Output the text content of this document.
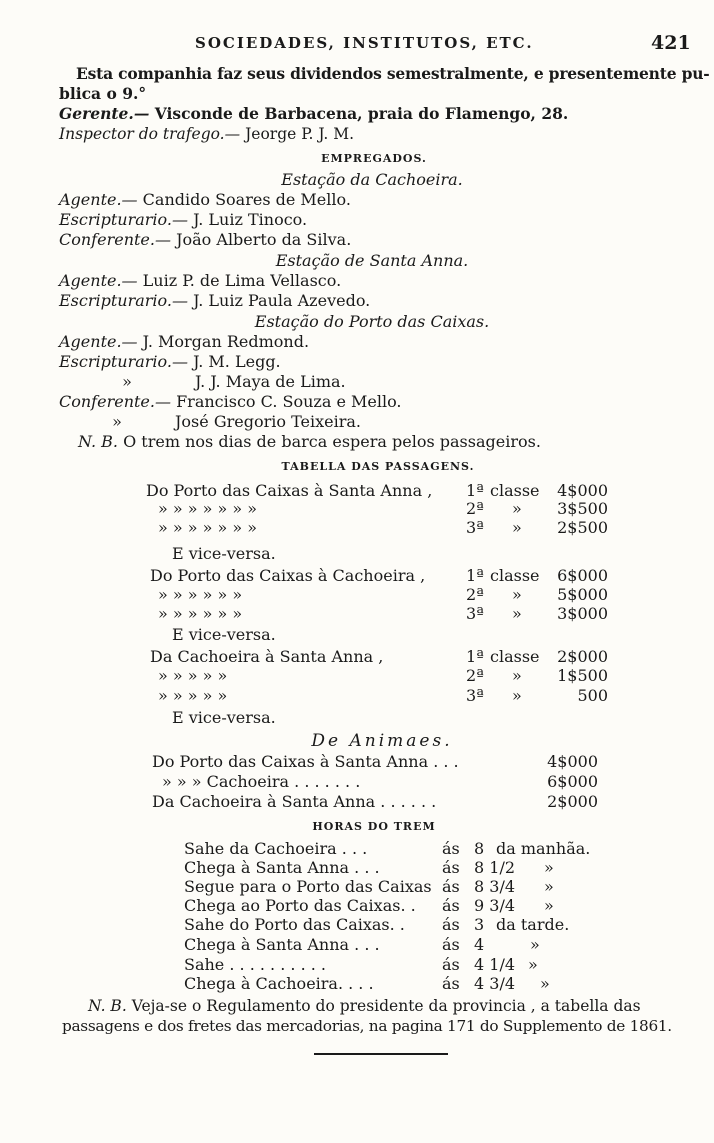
SOCIEDADES, INSTITUTOS, ETC.	421
Esta companhia faz seus dividendos semestralmente, e presentemente pu-
blica o 9.°
Gerente.— Visconde de Barbacena, praia do Flamengo, 28.
Inspector do trafego.— Jeorge P. J. M.
EMPREGADOS.
Estação da Cachoeira.
Agente.— Candido Soares de Mello.
Escripturario.— J. Luiz Tinoco.
Conferente.— João Alberto da Silva.
Estação de Santa Anna.
Agente.— Luiz P. de Lima Vellasco.
Escripturario.— J. Luiz Paula Azevedo.
Estação do Porto das Caixas.
Agente.— J. Morgan Redmond.
Escripturario.— J. M. Legg.
»	J. J. Maya de Lima.
Conferente.— Francisco C. Souza e Mello.
»	José Gregorio Teixeira.
N. B. O trem nos dias de barca espera pelos passageiros.
TABELLA DAS PASSAGENS.
Do Porto das Caixas à Santa Anna , 1ª classe 4$000
» » » » » » »	2ª » 3$500
» » » » » » »	3ª » 2$500
E vice-versa.
Do Porto das Caixas à Cachoeira ,	1ª classe 6$000
» » » » » »	2ª » 5$000
» » » » » »	3ª » 3$000
E vice-versa.
Da Cachoeira à Santa Anna ,	1ª classe 2$000
» » » » »	2ª » 1$500
» » » » »	3ª »	500
E vice-versa.
De Animaes.
Do Porto das Caixas à Santa Anna . . .	4$000
» » » Cachoeira . . . . . . .	6$000
Da Cachoeira à Santa Anna . . . . . .	2$000
HORAS DO TREM
Sahe da Cachoeira . . .	ás 8 da manhãa.
Chega à Santa Anna . . .	ás 8 1/2 »
Segue para o Porto das Caixas ás 8 3/4 »
Chega ao Porto das Caixas. . ás 9 3/4 »
Sahe do Porto das Caixas. . ás 3 da tarde.
Chega à Santa Anna . . .	ás 4	»
Sahe . . . . . . . . . .	ás 4 1/4 »
Chega à Cachoeira. . . .	ás 4 3/4 »
N. B. Veja-se o Regulamento do presidente da provincia , a tabella das
passagens e dos fretes das mercadorias, na pagina 171 do Supplemento de 1861.
